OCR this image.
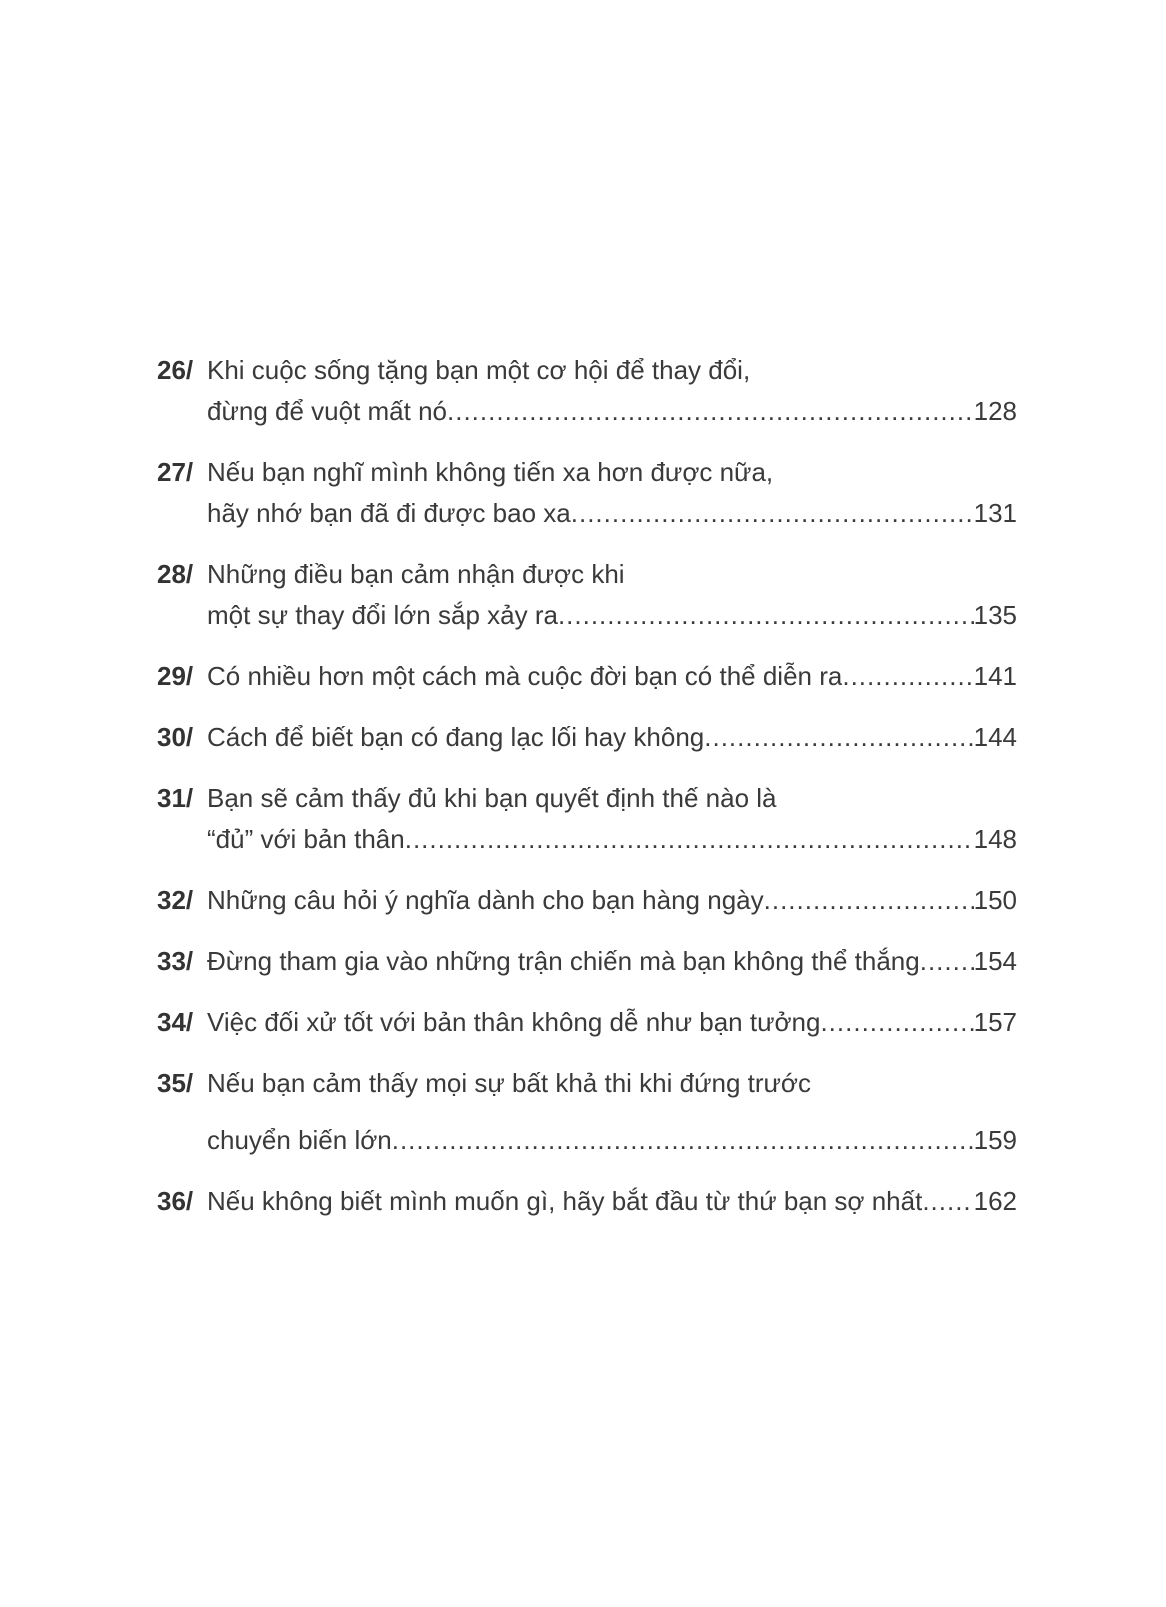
26/ Khi cuộc sống tặng bạn một cơ hội để thay đổi,
đừng để vuột mất nó .....	128
27/ Nếu bạn nghĩ mình không tiến xa hơn được nữa,
hãy nhớ bạn đã đi được bao xa .....	131
28/ Những điều bạn cảm nhận được khi
một sự thay đổi lớn sắp xảy ra .....	135
29/ Có nhiều hơn một cách mà cuộc đời bạn có thể diễn ra .....	141
30/ Cách để biết bạn có đang lạc lối hay không .....	144
31/ Bạn sẽ cảm thấy đủ khi bạn quyết định thế nào là
“đủ” với bản thân .....	148
32/ Những câu hỏi ý nghĩa dành cho bạn hàng ngày .....	150
33/ Đừng tham gia vào những trận chiến mà bạn không thể thắng ..... 154
34/ Việc đối xử tốt với bản thân không dễ như bạn tưởng .....	157
35/ Nếu bạn cảm thấy mọi sự bất khả thi khi đứng trước
chuyển biến lớn .....	159
36/ Nếu không biết mình muốn gì, hãy bắt đầu từ thứ bạn sợ nhất ..... 162
